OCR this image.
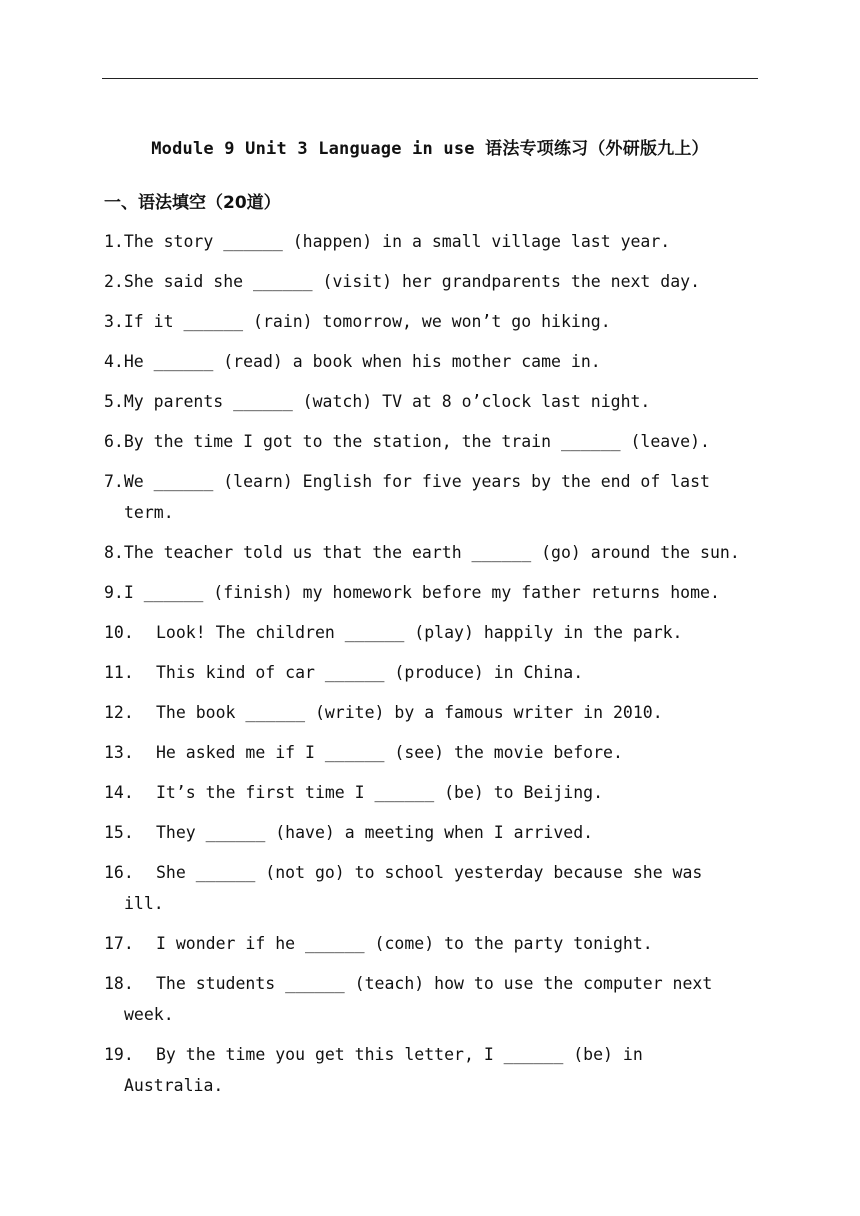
Module 9 Unit 3 Language in use 语法专项练习（外研版九上）
一、语法填空（20道）
1.The story ______ (happen) in a small village last year.
2.She said she ______ (visit) her grandparents the next day.
3.If it ______ (rain) tomorrow, we won’t go hiking.
4.He ______ (read) a book when his mother came in.
5.My parents ______ (watch) TV at 8 o’clock last night.
6.By the time I got to the station, the train ______ (leave).
7.We ______ (learn) English for five years by the end of last
term.
8.The teacher told us that the earth ______ (go) around the sun.
9.I ______ (finish) my homework before my father returns home.
10. Look! The children ______ (play) happily in the park.
11. This kind of car ______ (produce) in China.
12. The book ______ (write) by a famous writer in 2010.
13. He asked me if I ______ (see) the movie before.
14. It’s the first time I ______ (be) to Beijing.
15. They ______ (have) a meeting when I arrived.
16. She ______ (not go) to school yesterday because she was
ill.
17. I wonder if he ______ (come) to the party tonight.
18. The students ______ (teach) how to use the computer next
week.
19. By the time you get this letter, I ______ (be) in
Australia.
